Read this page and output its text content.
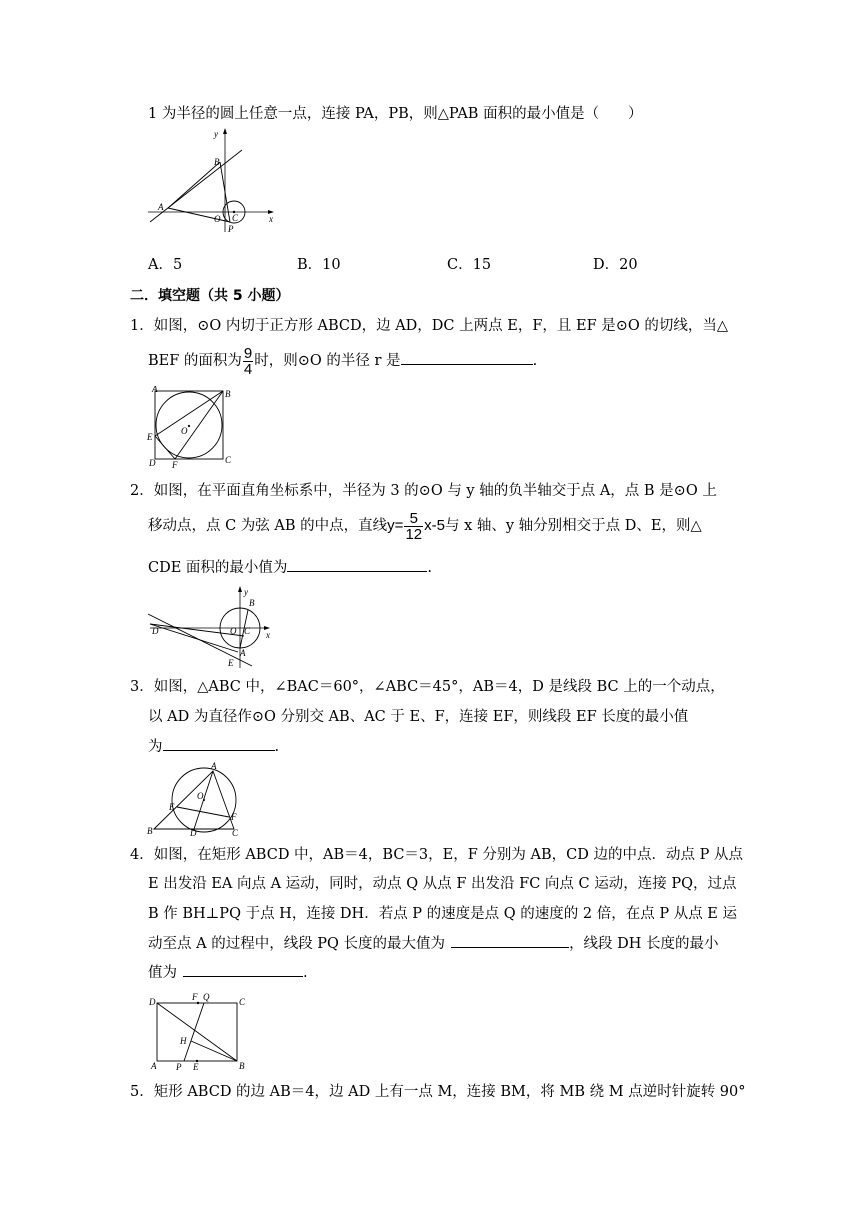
1 为半径的圆上任意一点，连接 PA，PB，则△PAB 面积的最小值是（　　）
y
x
B
A
O C
P
A．5	B．10	C．15	D．20
二．填空题（共 5 小题）
1．如图，⊙O 内切于正方形 ABCD，边 AD，DC 上两点 E，F，且 EF 是⊙O 的切线，当△
BEF 的面积为 $\frac{9}{4}$ 时，则⊙O 的半径 r 是	.
A	B
O
E
D F	C
2．如图，在平面直角坐标系中，半径为 3 的⊙O 与 y 轴的负半轴交于点 A，点 B 是⊙O 上
移动点，点 C 为弦 AB 的中点，直线$y= \frac{5}{12} x-5$与 x 轴、y 轴分别相交于点 D、E，则△
CDE 面积的最小值为	.
y
B
D	O C x
A
E
3．如图，△ABC 中，∠BAC＝60°，∠ABC＝45°，AB＝4，D 是线段 BC 上的一个动点，
以 AD 为直径作⊙O 分别交 AB、AC 于 E、F，连接 EF，则线段 EF 长度的最小值
为	.
A
E
O
F
B	D	C
4．如图，在矩形 ABCD 中，AB＝4，BC＝3，E，F 分别为 AB，CD 边的中点．动点 P 从点
E 出发沿 EA 向点 A 运动，同时，动点 Q 从点 F 出发沿 FC 向点 C 运动，连接 PQ，过点
B 作 BH⊥PQ 于点 H，连接 DH．若点 P 的速度是点 Q 的速度的 2 倍，在点 P 从点 E 运
动至点 A 的过程中，线段 PQ 长度的最大值为	，线段 DH 长度的最小
值为	.
D	F Q	C
H
A P E	B
5．矩形 ABCD 的边 AB＝4，边 AD 上有一点 M，连接 BM，将 MB 绕 M 点逆时针旋转 90°
